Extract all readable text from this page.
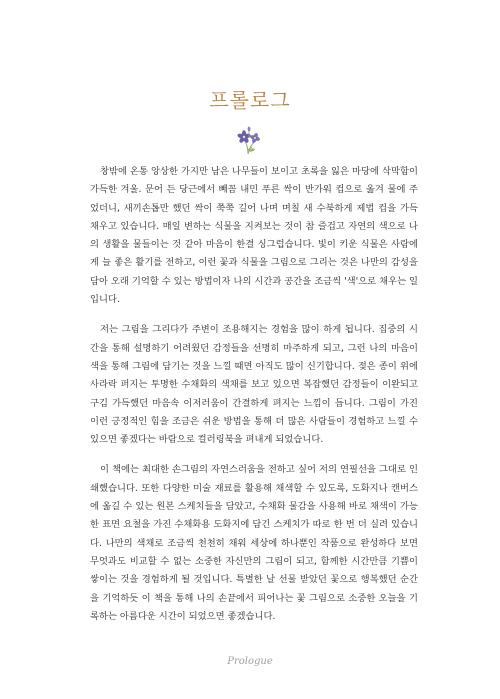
프롤로그

창밖에 온통 앙상한 가지만 남은 나무들이 보이고 초록을 잃은 마당에 삭막함이 가득한 겨울. 문어 든 당근에서 빼꼼 내민 푸른 싹이 반가워 컵으로 옮겨 물에 주었더니, 새끼손톱만 했던 싹이 쭉쭉 길어 나며 며칠 새 수북하게 제법 컵을 가득 채우고 있습니다. 매일 변하는 식물을 지켜보는 것이 참 즐겁고 자연의 색으로 나의 생활을 물들이는 것 같아 마음이 한결 싱그럽습니다. 빛이 키운 식물은 사람에게 늘 좋은 활기를 전하고, 이런 꽃과 식물을 그림으로 그리는 것은 나만의 감성을 담아 오래 기억할 수 있는 방법이자 나의 시간과 공간을 조금씩 '색'으로 채우는 일입니다.

저는 그림을 그리다가 주변이 조용해지는 경험을 많이 하게 됩니다. 집중의 시간을 통해 설명하기 어려웠던 감정들을 선명히 마주하게 되고, 그런 나의 마음이 색을 통해 그림에 담기는 것을 느낄 때면 아직도 많이 신기합니다. 젖은 종이 위에 사라락 퍼지는 투명한 수채화의 색채를 보고 있으면 복잡했던 감정들이 이완되고 구김 가득했던 마음속 이저러움이 간결하게 펴지는 느낌이 듭니다. 그림이 가진 이런 긍정적인 힘을 조금은 쉬운 방법을 통해 더 많은 사람들이 경험하고 느낄 수 있으면 좋겠다는 바람으로 컬러링북을 펴내게 되었습니다.

이 책에는 최대한 손그림의 자연스러움을 전하고 싶어 저의 연필선을 그대로 인쇄했습니다. 또한 다양한 미술 재료를 활용해 채색할 수 있도록, 도화지나 캔버스에 옮길 수 있는 원본 스케치들을 담았고, 수채화 물감을 사용해 바로 채색이 가능한 표면 요철을 가진 수채화용 도화지에 담긴 스케치가 따로 한 번 더 실려 있습니다. 나만의 색채로 조금씩 천천히 채워 세상에 하나뿐인 작품으로 완성하다 보면 무엇과도 비교할 수 없는 소중한 자신만의 그림이 되고, 함께한 시간만큼 기쁨이 쌓이는 것을 경험하게 될 것입니다. 특별한 날 선물 받았던 꽃으로 행복했던 순간을 기억하듯 이 책을 통해 나의 손끝에서 피어나는 꽃 그림으로 소중한 오늘을 기록하는 아름다운 시간이 되었으면 좋겠습니다.

Prologue
